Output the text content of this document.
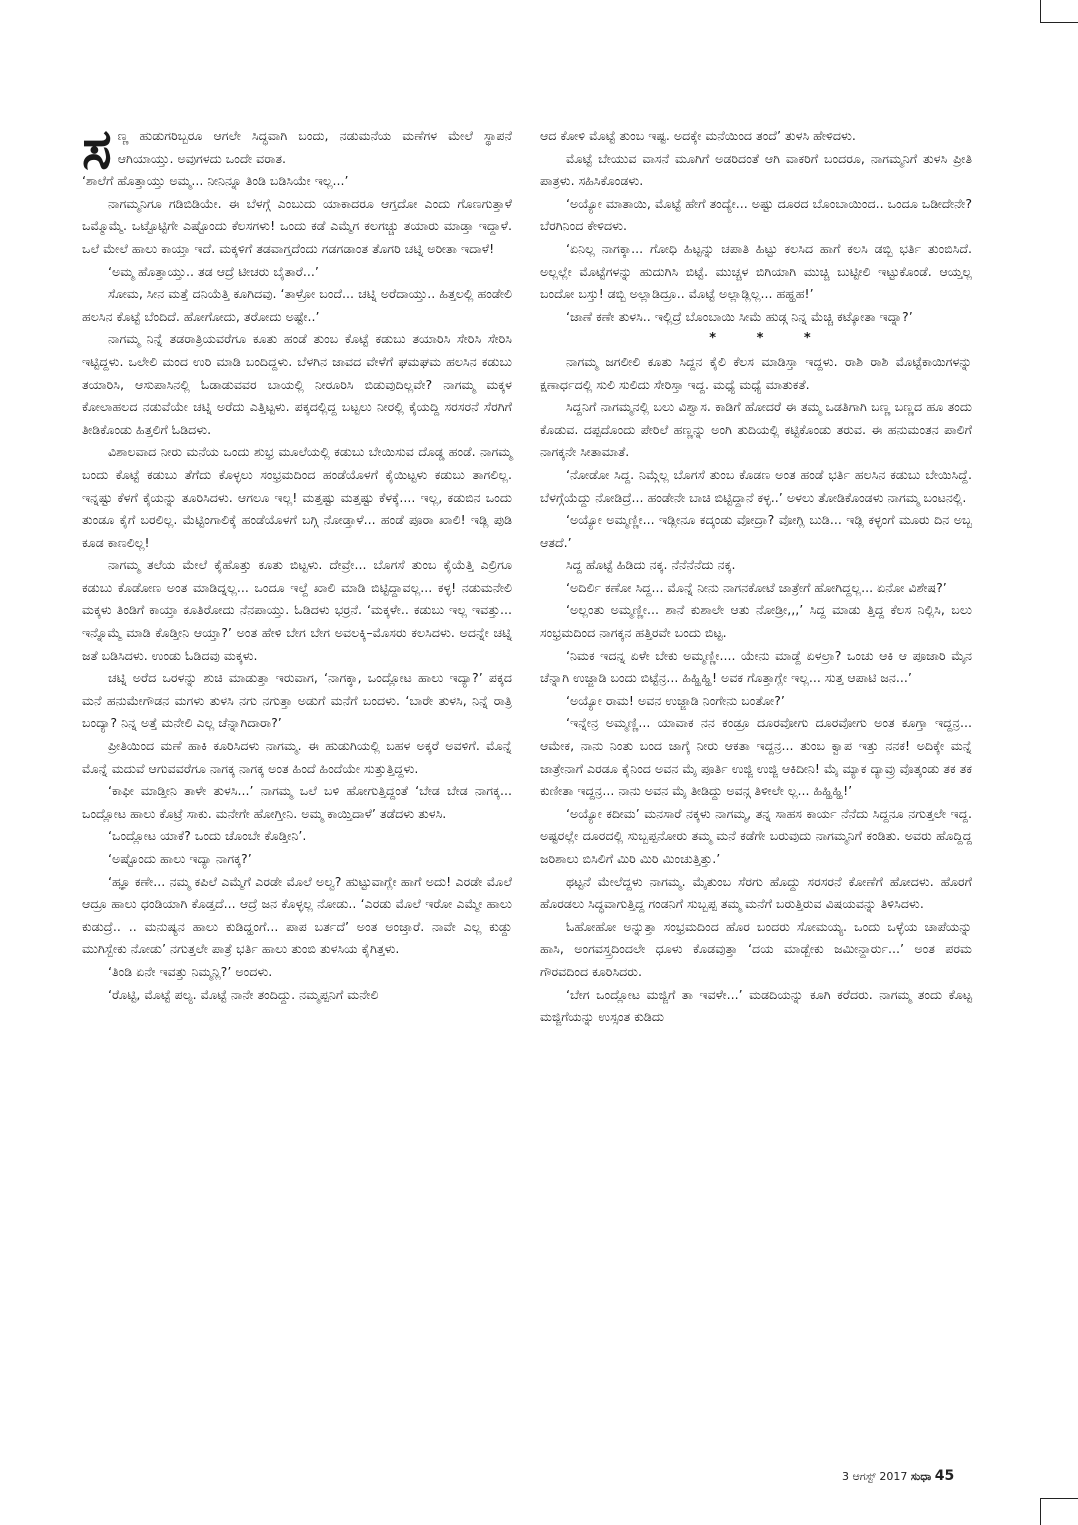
ಸಣ್ಣ ಹುಡುಗರಿಬ್ಬರೂ ಆಗಲೇ ಸಿದ್ಧವಾಗಿ ಬಂದು, ನಡುಮನೆಯ ಮಣೆಗಳ ಮೇಲೆ ಸ್ಥಾಪನೆ ಆಗಿಯಾಯ್ತು. ಅವುಗಳದು ಒಂದೇ ವರಾತ.

‘ಶಾಲೆಗೆ ಹೊತ್ತಾಯ್ತು ಅಮ್ಮ... ನೀನಿನ್ನೂ ತಿಂಡಿ ಬಡಿಸಿಯೇ ಇಲ್ಲ...’

ನಾಗಮ್ಮನಿಗೂ ಗಡಿಬಿಡಿಯೇ. ಈ ಬೆಳಗ್ಗೆ ಎಂಬುದು ಯಾಕಾದರೂ ಆಗ್ತದೋ ಎಂದು ಗೊಣಗುತ್ತಾಳೆ ಒಮ್ಮೊಮ್ಮೆ. ಒಟ್ಟೊಟ್ಟಿಗೇ ಎಷ್ಟೊಂದು ಕೆಲಸಗಳು! ಒಂದು ಕಡೆ ಎಮ್ಮೆಗ ಕಲಗಚ್ಚು ತಯಾರು ಮಾಡ್ತಾ ಇದ್ದಾಳೆ. ಒಲೆ ಮೇಲೆ ಹಾಲು ಕಾಯ್ತಾ ಇದೆ. ಮಕ್ಕಳಿಗೆ ತಡವಾಗ್ತದೆಂದು ಗಡಗಡಾಂತ ತೊಗರಿ ಚಟ್ನಿ ಅರೀತಾ ಇದಾಳೆ!

‘ಅಮ್ಮ ಹೊತ್ತಾಯ್ತು.. ತಡ ಆದ್ರೆ ಟೀಚರು ಬೈತಾರೆ...’

ಸೋಮ, ಸೀನ ಮತ್ತೆ ದನಿಯೆತ್ತಿ ಕೂಗಿದವು. ‘ತಾಳ್ರೋ ಬಂದೆ... ಚಟ್ನಿ ಅರೆದಾಯ್ತು.. ಹಿತ್ತಲಲ್ಲಿ ಹಂಡೇಲಿ ಹಲಸಿನ ಕೊಟ್ಟೆ ಬೆಂದಿದೆ. ಹೋಗೋದು, ತರೋದು ಅಷ್ಟೇ..’

ನಾಗಮ್ಮ ನಿನ್ನೆ ತಡರಾತ್ರಿಯವರೆಗೂ ಕೂತು ಹಂಡೆ ತುಂಬ ಕೊಟ್ಟೆ ಕಡುಬು ತಯಾರಿಸಿ ಸೇರಿಸಿ ಸೇರಿಸಿ ಇಟ್ಟಿದ್ದಳು. ಒಲೇಲಿ ಮಂದ ಉರಿ ಮಾಡಿ ಬಂದಿದ್ದಳು. ಬೆಳಗಿನ ಜಾವದ ವೇಳೆಗೆ ಘಮಘಮ ಹಲಸಿನ ಕಡುಬು ತಯಾರಿಸಿ, ಆಸುಪಾಸಿನಲ್ಲಿ ಓಡಾಡುವವರ ಬಾಯಲ್ಲಿ ನೀರೂರಿಸಿ ಬಿಡುವುದಿಲ್ಲವೇ? ನಾಗಮ್ಮ ಮಕ್ಕಳ ಕೋಲಾಹಲದ ನಡುವೆಯೇ ಚಟ್ನಿ ಅರೆದು ಎತ್ತಿಟ್ಟಳು. ಪಕ್ಕದಲ್ಲಿದ್ದ ಬಟ್ಟಲು ನೀರಲ್ಲಿ ಕೈಯದ್ದಿ ಸರಸರನೆ ಸೆರಗಿಗೆ ತೀಡಿಕೊಂಡು ಹಿತ್ತಲಿಗೆ ಓಡಿದಳು.

ವಿಶಾಲವಾದ ನೀರು ಮನೆಯ ಒಂದು ಶುಭ್ರ ಮೂಲೆಯಲ್ಲಿ ಕಡುಬು ಬೇಯಿಸುವ ದೊಡ್ಡ ಹಂಡೆ. ನಾಗಮ್ಮ ಬಂದು ಕೊಟ್ಟೆ ಕಡುಬು ತೆಗೆದು ಕೊಳ್ಳಲು ಸಂಭ್ರಮದಿಂದ ಹಂಡೆಯೊಳಗೆ ಕೈಯಿಟ್ಟಳು ಕಡುಬು ತಾಗಲಿಲ್ಲ. ಇನ್ನಷ್ಟು ಕೆಳಗೆ ಕೈಯನ್ನು ತೂರಿಸಿದಳು. ಆಗಲೂ ಇಲ್ಲ! ಮತ್ತಷ್ಟು ಮತ್ತಷ್ಟು ಕೆಳಕ್ಕೆ.... ಇಲ್ಲ, ಕಡುಬಿನ ಒಂದು ತುಂಡೂ ಕೈಗೆ ಬರಲಿಲ್ಲ. ಮೆಟ್ಟಿಂಗಾಲಿಕ್ಕೆ ಹಂಡೆಯೊಳಗೆ ಬಗ್ಗಿ ನೋಡ್ತಾಳೆ... ಹಂಡೆ ಪೂರಾ ಖಾಲಿ! ಇಡ್ಲಿ ಪುಡಿ ಕೂಡ ಕಾಣಲಿಲ್ಲ!

ನಾಗಮ್ಮ ತಲೆಯ ಮೇಲೆ ಕೈಹೊತ್ತು ಕೂತು ಬಿಟ್ಟಳು. ದೇವ್ರೇ... ಬೊಗಸೆ ತುಂಬ ಕೈಯೆತ್ತಿ ಎಲ್ರಿಗೂ ಕಡುಬು ಕೊಡೋಣ ಅಂತ ಮಾಡಿದ್ನಲ್ಲ... ಒಂದೂ ಇಲ್ದೆ ಖಾಲಿ ಮಾಡಿ ಬಿಟ್ಟಿದ್ದಾವಲ್ಲ... ಕಳ್ಳ! ನಡುಮನೇಲಿ ಮಕ್ಕಳು ತಿಂಡಿಗೆ ಕಾಯ್ತಾ ಕೂತಿರೋದು ನೆನಪಾಯ್ತು. ಓಡಿದಳು ಭರ್ರನೆ. ‘ಮಕ್ಕಳೇ.. ಕಡುಬು ಇಲ್ಲ ಇವತ್ತು... ಇನ್ನೊಮ್ಮೆ ಮಾಡಿ ಕೊಡ್ತೀನಿ ಆಯ್ತಾ?’ ಅಂತ ಹೇಳಿ ಬೇಗ ಬೇಗ ಅವಲಕ್ಕಿ–ಮೊಸರು ಕಲಸಿದಳು. ಅದನ್ನೇ ಚಟ್ನಿ ಜತೆ ಬಡಿಸಿದಳು. ಉಂಡು ಓಡಿದವು ಮಕ್ಕಳು.

ಚಟ್ನಿ ಅರೆದ ಒರಳನ್ನು ಶುಚಿ ಮಾಡುತ್ತಾ ಇರುವಾಗ, ‘ನಾಗಕ್ಕಾ, ಒಂದ್ಲೋಟ ಹಾಲು ಇದ್ಯಾ?’ ಪಕ್ಕದ ಮನೆ ಹನುಮೇಗೌಡನ ಮಗಳು ತುಳಸಿ ನಗು ನಗುತ್ತಾ ಅಡುಗೆ ಮನೆಗೆ ಬಂದಳು. ‘ಬಾರೇ ತುಳಸಿ, ನಿನ್ನೆ ರಾತ್ರಿ ಬಂದ್ಯಾ? ನಿನ್ನ ಅತ್ತೆ ಮನೇಲಿ ಎಲ್ಲ ಚೆನ್ನಾಗಿದಾರಾ?’

ಪ್ರೀತಿಯಿಂದ ಮಣೆ ಹಾಕಿ ಕೂರಿಸಿದಳು ನಾಗಮ್ಮ. ಈ ಹುಡುಗಿಯಲ್ಲಿ ಬಹಳ ಅಕ್ಕರೆ ಅವಳಿಗೆ. ಮೊನ್ನೆ ಮೊನ್ನೆ ಮದುವೆ ಆಗುವವರೆಗೂ ನಾಗಕ್ಕ ನಾಗಕ್ಕ ಅಂತ ಹಿಂದೆ ಹಿಂದೆಯೇ ಸುತ್ತುತ್ತಿದ್ದಳು.

‘ಕಾಫೀ ಮಾಡ್ತೀನಿ ತಾಳೇ ತುಳಸಿ...’ ನಾಗಮ್ಮ ಒಲೆ ಬಳಿ ಹೋಗುತ್ತಿದ್ದಂತೆ ‘ಬೇಡ ಬೇಡ ನಾಗಕ್ಕ... ಒಂದ್ಲೋಟ ಹಾಲು ಕೊಟ್ರೆ ಸಾಕು. ಮನೇಗೇ ಹೋಗ್ತೀನಿ. ಅಮ್ಮ ಕಾಯ್ತಿದಾಳೆ’ ತಡೆದಳು ತುಳಸಿ.

‘ಒಂದ್ಲೋಟ ಯಾಕೆ? ಒಂದು ಚೊಂಬೇ ಕೊಡ್ತೀನಿ’.

‘ಅಷ್ಟೊಂದು ಹಾಲು ಇದ್ಯಾ ನಾಗಕ್ಕ?’

‘ಹ್ಞೂ ಕಣೇ... ನಮ್ಮ ಕಪಿಲೆ ಎಮ್ಮೆಗೆ ಎರಡೇ ಮೊಲೆ ಅಲ್ವ? ಹುಟ್ಟುವಾಗ್ಲೇ ಹಾಗೆ ಅದು! ಎರಡೇ ಮೊಲೆ ಆದ್ರೂ ಹಾಲು ಧಂಡಿಯಾಗಿ ಕೊಡ್ತದೆ... ಆದ್ರೆ ಜನ ಕೊಳ್ಳಲ್ಲ ನೋಡು.. ‘ಎರಡು ಮೊಲೆ ಇರೋ ಎಮ್ಮೇ ಹಾಲು ಕುಡುದ್ರೆ.. .. ಮನುಷ್ಯನ ಹಾಲು ಕುಡಿದ್ಹಂಗೆ... ಪಾಪ ಬರ್ತದೆ’ ಅಂತ ಅಂಜ್ತಾರೆ. ನಾವೇ ಎಲ್ಲ ಕುಡ್ದು ಮುಗಿಸ್ಬೇಕು ನೋಡು’ ನಗುತ್ತಲೇ ಪಾತ್ರೆ ಭರ್ತಿ ಹಾಲು ತುಂಬಿ ತುಳಸಿಯ ಕೈಗಿತ್ತಳು.

‘ತಿಂಡಿ ಏನೇ ಇವತ್ತು ನಿಮ್ಮನ್ಲಿ?’ ಅಂದಳು.

‘ರೊಟ್ಟಿ, ಮೊಟ್ಟೆ ಪಲ್ಯ. ಮೊಟ್ಟೆ ನಾನೇ ತಂದಿದ್ದು. ನಮ್ಮಪ್ಪನಿಗೆ ಮನೇಲಿ

ಆದ ಕೋಳಿ ಮೊಟ್ಟೆ ತುಂಬ ಇಷ್ಟ. ಅದಕ್ಕೇ ಮನೆಯಿಂದ ತಂದೆ’ ತುಳಸಿ ಹೇಳಿದಳು.

ಮೊಟ್ಟೆ ಬೇಯುವ ವಾಸನೆ ಮೂಗಿಗೆ ಅಡರಿದಂತೆ ಆಗಿ ವಾಕರಿಗೆ ಬಂದರೂ, ನಾಗಮ್ಮನಿಗೆ ತುಳಸಿ ಪ್ರೀತಿ ಪಾತ್ರಳು. ಸಹಿಸಿಕೊಂಡಳು.

‘ಅಯ್ಯೋ ಮಾತಾಯಿ, ಮೊಟ್ಟೆ ಹೇಗೆ ತಂದ್ಯೇ... ಅಷ್ಟು ದೂರದ ಬೊಂಬಾಯಿಂದ.. ಒಂದೂ ಒಡೀದೇನೇ? ಬೆರಗಿನಿಂದ ಕೇಳಿದಳು.

‘ಏನಿಲ್ಲ ನಾಗಕ್ಕಾ... ಗೋಧಿ ಹಿಟ್ಟನ್ನು ಚಪಾತಿ ಹಿಟ್ಟು ಕಲಸಿದ ಹಾಗೆ ಕಲಸಿ ಡಬ್ಬಿ ಭರ್ತಿ ತುಂಬಿಸಿದೆ. ಅಲ್ಲಲ್ಲೇ ಮೊಟ್ಟೆಗಳನ್ನು ಹುದುಗಿಸಿ ಬಿಟ್ಟೆ. ಮುಚ್ಚಳ ಬಿಗಿಯಾಗಿ ಮುಚ್ಚಿ ಬುಟ್ಟೀಲಿ ಇಟ್ಟುಕೊಂಡೆ. ಆಯ್ತಲ್ಲ ಬಂದೋ ಬಸ್ತು! ಡಬ್ಬಿ ಅಲ್ಲಾಡಿದ್ರೂ.. ಮೊಟ್ಟೆ ಅಲ್ಲಾಡ್ಲಿಲ್ಲ... ಹಹ್ಹಹ!’

‘ಜಾಣೆ ಕಣೇ ತುಳಸಿ.. ಇಲ್ಲಿದ್ರೆ ಬೊಂಬಾಯಿ ಸೀಮೆ ಹುಡ್ಗ ನಿನ್ನ ಮೆಚ್ಚಿ ಕಟ್ಕೋತಾ ಇದ್ನಾ?’

* * *

ನಾಗಮ್ಮ ಜಗಲೀಲಿ ಕೂತು ಸಿದ್ದನ ಕೈಲಿ ಕೆಲಸ ಮಾಡಿಸ್ತಾ ಇದ್ದಳು. ರಾಶಿ ರಾಶಿ ಮೊಟ್ಟೆಕಾಯಿಗಳನ್ನು ಕ್ಷಣಾರ್ಧದಲ್ಲಿ ಸುಲಿ ಸುಲಿದು ಸೇರಿಸ್ತಾ ಇದ್ದ. ಮಧ್ಯೆ ಮಧ್ಯೆ ಮಾತುಕತೆ.

ಸಿದ್ದನಿಗೆ ನಾಗಮ್ಮನಲ್ಲಿ ಬಲು ವಿಶ್ವಾಸ. ಕಾಡಿಗೆ ಹೋದರೆ ಈ ತಮ್ಮ ಒಡತಿಗಾಗಿ ಬಣ್ಣ ಬಣ್ಣದ ಹೂ ತಂದು ಕೊಡುವ. ದಪ್ಪದೊಂದು ಪೇರಿಲೆ ಹಣ್ಣನ್ನು ಅಂಗಿ ತುದಿಯಲ್ಲಿ ಕಟ್ಟಿಕೊಂಡು ತರುವ. ಈ ಹನುಮಂತನ ಪಾಲಿಗೆ ನಾಗಕ್ಕನೇ ಸೀತಾಮಾತೆ.

‘ನೋಡೋ ಸಿದ್ದ. ನಿಮ್ಗೆಲ್ಲ ಬೊಗಸೆ ತುಂಬ ಕೊಡಣ ಅಂತ ಹಂಡೆ ಭರ್ತಿ ಹಲಸಿನ ಕಡುಬು ಬೇಯಿಸಿದ್ದೆ. ಬೆಳಗ್ಗೆಯೆದ್ದು ನೋಡಿದ್ರೆ... ಹಂಡೇನೇ ಬಾಚಿ ಬಿಟ್ಟಿದ್ದಾನೆ ಕಳ್ಳ..’ ಅಳಲು ತೋಡಿಕೊಂಡಳು ನಾಗಮ್ಮ ಬಂಟನಲ್ಲಿ.

‘ಅಯ್ಯೋ ಅಮ್ಮಣ್ಣೀ... ಇಡ್ಲೀನೂ ಕದ್ಕಂಡು ವೋದ್ರಾ? ವೋಗ್ಲಿ ಬುಡಿ... ಇಡ್ಲಿ ಕಳ್ಳಂಗೆ ಮೂರು ದಿನ ಅಬ್ಬ ಆತದೆ.’

ಸಿದ್ದ ಹೊಟ್ಟೆ ಹಿಡಿದು ನಕ್ಕ. ನೆನೆನೆನೆದು ನಕ್ಕ.

‘ಅದಿರ್ಲಿ ಕಣೋ ಸಿದ್ದ... ಮೊನ್ನೆ ನೀನು ನಾಗನಕೋಟೆ ಜಾತ್ರೇಗೆ ಹೋಗಿದ್ದಲ್ಲ... ಏನೋ ವಿಶೇಷ?’

‘ಅಲ್ಲಂತು ಅಮ್ಮಣ್ಣೀ... ಶಾನೆ ಕುಶಾಲೇ ಆತು ನೋಡ್ರೀ,,,’ ಸಿದ್ದ ಮಾಡು ತ್ತಿದ್ದ ಕೆಲಸ ನಿಲ್ಲಿಸಿ, ಬಲು ಸಂಭ್ರಮದಿಂದ ನಾಗಕ್ಕನ ಹತ್ತಿರವೇ ಬಂದು ಬಿಟ್ಟ.

‘ನಿಮಕ ಇದನ್ನ ಏಳೇ ಬೇಕು ಅಮ್ಮಣ್ಣೀ.... ಯೇನು ಮಾಡ್ದೆ ಏಳಲ್ರಾ? ಒಂಚು ಆಕಿ ಆ ಪೂಜಾರಿ ಮೈನ ಚೆನ್ನಾಗಿ ಉಜ್ಜಾಡಿ ಬಂದು ಬಿಟ್ಟೆನ್ರ... ಹಿಹ್ಹಿಹ್ಹಿ! ಅವಕ ಗೊತ್ತಾಗ್ಲೇ ಇಲ್ಲ... ಸುತ್ತ ಆಪಾಟಿ ಜನ...’

‘ಅಯ್ಯೋ ರಾಮ! ಅವನ ಉಜ್ಜಾಡಿ ನಿಂಗೇನು ಬಂತೋ?’

‘ಇನ್ನೇನ್ರ ಅಮ್ಮಣ್ಣಿ... ಯಾವಾಕ ನನ ಕಂಡ್ರೂ ದೂರವೋಗು ದೂರವೋಗು ಅಂತ ಕೂಗ್ತಾ ಇದ್ದನ್ರ... ಆಮೇಕ, ನಾನು ನಿಂತು ಬಂದ ಜಾಗ್ಕೆ ನೀರು ಆಕತಾ ಇದ್ದನ್ರ... ತುಂಬ ಕ್ವಾಪ ಇತ್ತು ನನಕ! ಅದಿಕ್ಕೇ ಮನ್ನೆ ಜಾತ್ರೇನಾಗೆ ಎರಡೂ ಕೈನಿಂದ ಅವನ ಮೈ ಪೂರ್ತಿ ಉಜ್ಜಿ ಉಜ್ಜಿ ಆಕಿದೀನಿ! ಮೈ ಮ್ಯಾಕ ದ್ಯಾವ್ರು ವೊತ್ಕಂಡು ತಕ ತಕ ಕುಣೀತಾ ಇದ್ದನ್ರ... ನಾನು ಅವನ ಮೈ ತೀಡಿದ್ದು ಅವನ್ಗ ತಿಳೀಲೇ ಲ್ಲ... ಹಿಹ್ಹಿಹ್ಹಿ!’

‘ಅಯ್ಯೋ ಕದೀಮ’ ಮನಸಾರೆ ನಕ್ಕಳು ನಾಗಮ್ಮ, ತನ್ನ ಸಾಹಸ ಕಾರ್ಯ ನೆನೆದು ಸಿದ್ದನೂ ನಗುತ್ತಲೇ ಇದ್ದ. ಅಷ್ಟರಲ್ಲೇ ದೂರದಲ್ಲಿ ಸುಬ್ಬಪ್ಪನೋರು ತಮ್ಮ ಮನೆ ಕಡೆಗೇ ಬರುವುದು ನಾಗಮ್ಮನಿಗೆ ಕಂಡಿತು. ಅವರು ಹೊದ್ದಿದ್ದ ಜರಿಶಾಲು ಬಿಸಿಲಿಗೆ ಮಿರಿ ಮಿರಿ ಮಿಂಚುತ್ತಿತ್ತು.’

ಥಟ್ಟನೆ ಮೇಲೆದ್ದಳು ನಾಗಮ್ಮ. ಮೈತುಂಬ ಸೆರಗು ಹೊದ್ದು ಸರಸರನೆ ಕೋಣೆಗೆ ಹೋದಳು. ಹೊರಗೆ ಹೊರಡಲು ಸಿದ್ಧವಾಗುತ್ತಿದ್ದ ಗಂಡನಿಗೆ ಸುಬ್ಬಪ್ಪ ತಮ್ಮ ಮನೆಗೆ ಬರುತ್ತಿರುವ ವಿಷಯವನ್ನು ತಿಳಿಸಿದಳು.

ಓಹೋಹೋ ಅನ್ನುತ್ತಾ ಸಂಭ್ರಮದಿಂದ ಹೊರ ಬಂದರು ಸೋಮಯ್ಯ. ಒಂದು ಒಳ್ಳೆಯ ಚಾಪೆಯನ್ನು ಹಾಸಿ, ಅಂಗವಸ್ತ್ರದಿಂದಲೇ ಧೂಳು ಕೊಡವುತ್ತಾ ‘ದಯ ಮಾಡ್ಬೇಕು ಜಮೀನ್ದಾರ್ರು...’ ಅಂತ ಪರಮ ಗೌರವದಿಂದ ಕೂರಿಸಿದರು.

‘ಬೇಗ ಒಂದ್ಲೋಟ ಮಜ್ಜಿಗೆ ತಾ ಇವಳೇ...’ ಮಡದಿಯನ್ನು ಕೂಗಿ ಕರೆದರು. ನಾಗಮ್ಮ ತಂದು ಕೊಟ್ಟ ಮಜ್ಜಿಗೆಯನ್ನು ಉಸ್ಸಂತ ಕುಡಿದು

3 ಆಗಸ್ಟ್ 2017 ಸುಧಾ 45
